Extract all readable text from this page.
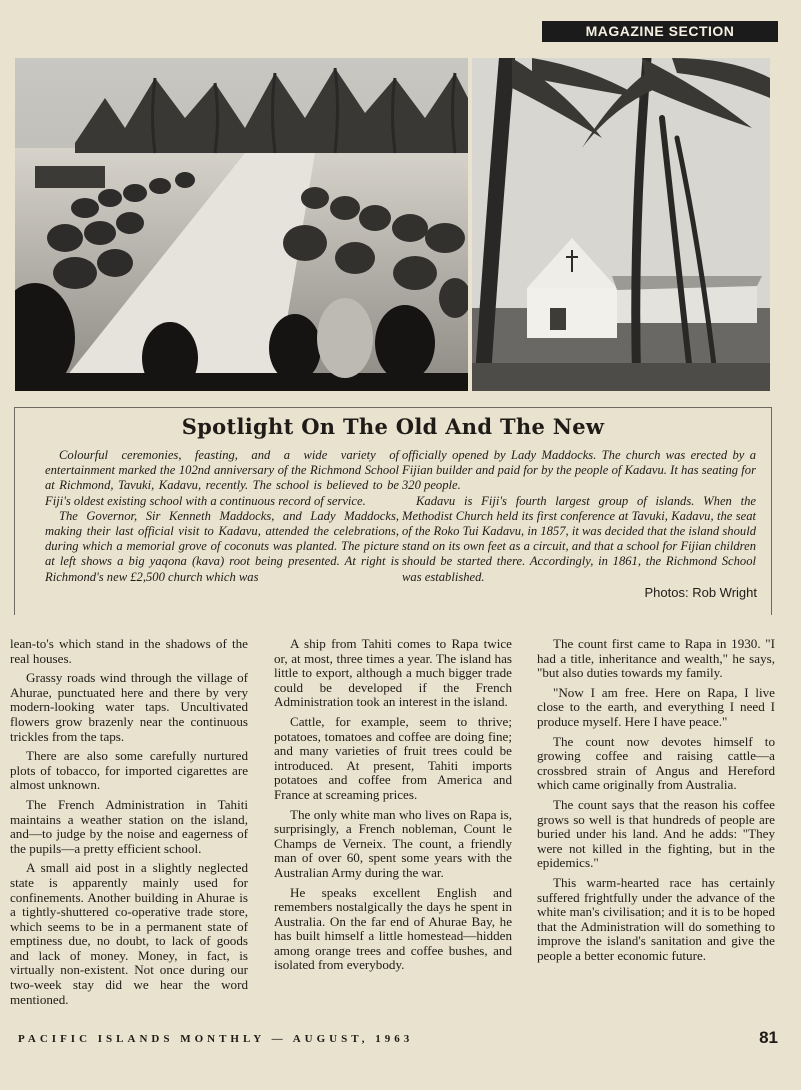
MAGAZINE SECTION
Spotlight On The Old And The New

Colourful ceremonies, feasting, and a wide variety of entertainment marked the 102nd anniversary of the Richmond School at Richmond, Tavuki, Kadavu, recently. The school is believed to be Fiji's oldest existing school with a continuous record of service.

The Governor, Sir Kenneth Maddocks, and Lady Maddocks, making their last official visit to Kadavu, attended the celebrations, during which a memorial grove of coconuts was planted. The picture at left shows a big yaqona (kava) root being presented. At right is Richmond's new £2,500 church which was

officially opened by Lady Maddocks. The church was erected by a Fijian builder and paid for by the people of Kadavu. It has seating for 320 people.

Kadavu is Fiji's fourth largest group of islands. When the Methodist Church held its first conference at Tavuki, Kadavu, the seat of the Roko Tui Kadavu, in 1857, it was decided that the island should stand on its own feet as a circuit, and that a school for Fijian children should be started there. Accordingly, in 1861, the Richmond School was established.

Photos: Rob Wright

lean-to's which stand in the shadows of the real houses.

Grassy roads wind through the village of Ahurae, punctuated here and there by very modern-looking water taps. Uncultivated flowers grow brazenly near the continuous trickles from the taps.

There are also some carefully nurtured plots of tobacco, for imported cigarettes are almost unknown.

The French Administration in Tahiti maintains a weather station on the island, and—to judge by the noise and eagerness of the pupils—a pretty efficient school.

A small aid post in a slightly neglected state is apparently mainly used for confinements. Another building in Ahurae is a tightly-shuttered co-operative trade store, which seems to be in a permanent state of emptiness due, no doubt, to lack of goods and lack of money. Money, in fact, is virtually non-existent. Not once during our two-week stay did we hear the word mentioned.

A ship from Tahiti comes to Rapa twice or, at most, three times a year. The island has little to export, although a much bigger trade could be developed if the French Administration took an interest in the island.

Cattle, for example, seem to thrive; potatoes, tomatoes and coffee are doing fine; and many varieties of fruit trees could be introduced. At present, Tahiti imports potatoes and coffee from America and France at screaming prices.

The only white man who lives on Rapa is, surprisingly, a French nobleman, Count le Champs de Verneix. The count, a friendly man of over 60, spent some years with the Australian Army during the war.

He speaks excellent English and remembers nostalgically the days he spent in Australia. On the far end of Ahurae Bay, he has built himself a little homestead—hidden among orange trees and coffee bushes, and isolated from everybody.

The count first came to Rapa in 1930. "I had a title, inheritance and wealth," he says, "but also duties towards my family.

"Now I am free. Here on Rapa, I live close to the earth, and everything I need I produce myself. Here I have peace."

The count now devotes himself to growing coffee and raising cattle—a crossbred strain of Angus and Hereford which came originally from Australia.

The count says that the reason his coffee grows so well is that hundreds of people are buried under his land. And he adds: "They were not killed in the fighting, but in the epidemics."

This warm-hearted race has certainly suffered frightfully under the advance of the white man's civilisation; and it is to be hoped that the Administration will do something to improve the island's sanitation and give the people a better economic future.

PACIFIC ISLANDS MONTHLY — AUGUST, 1963	81
